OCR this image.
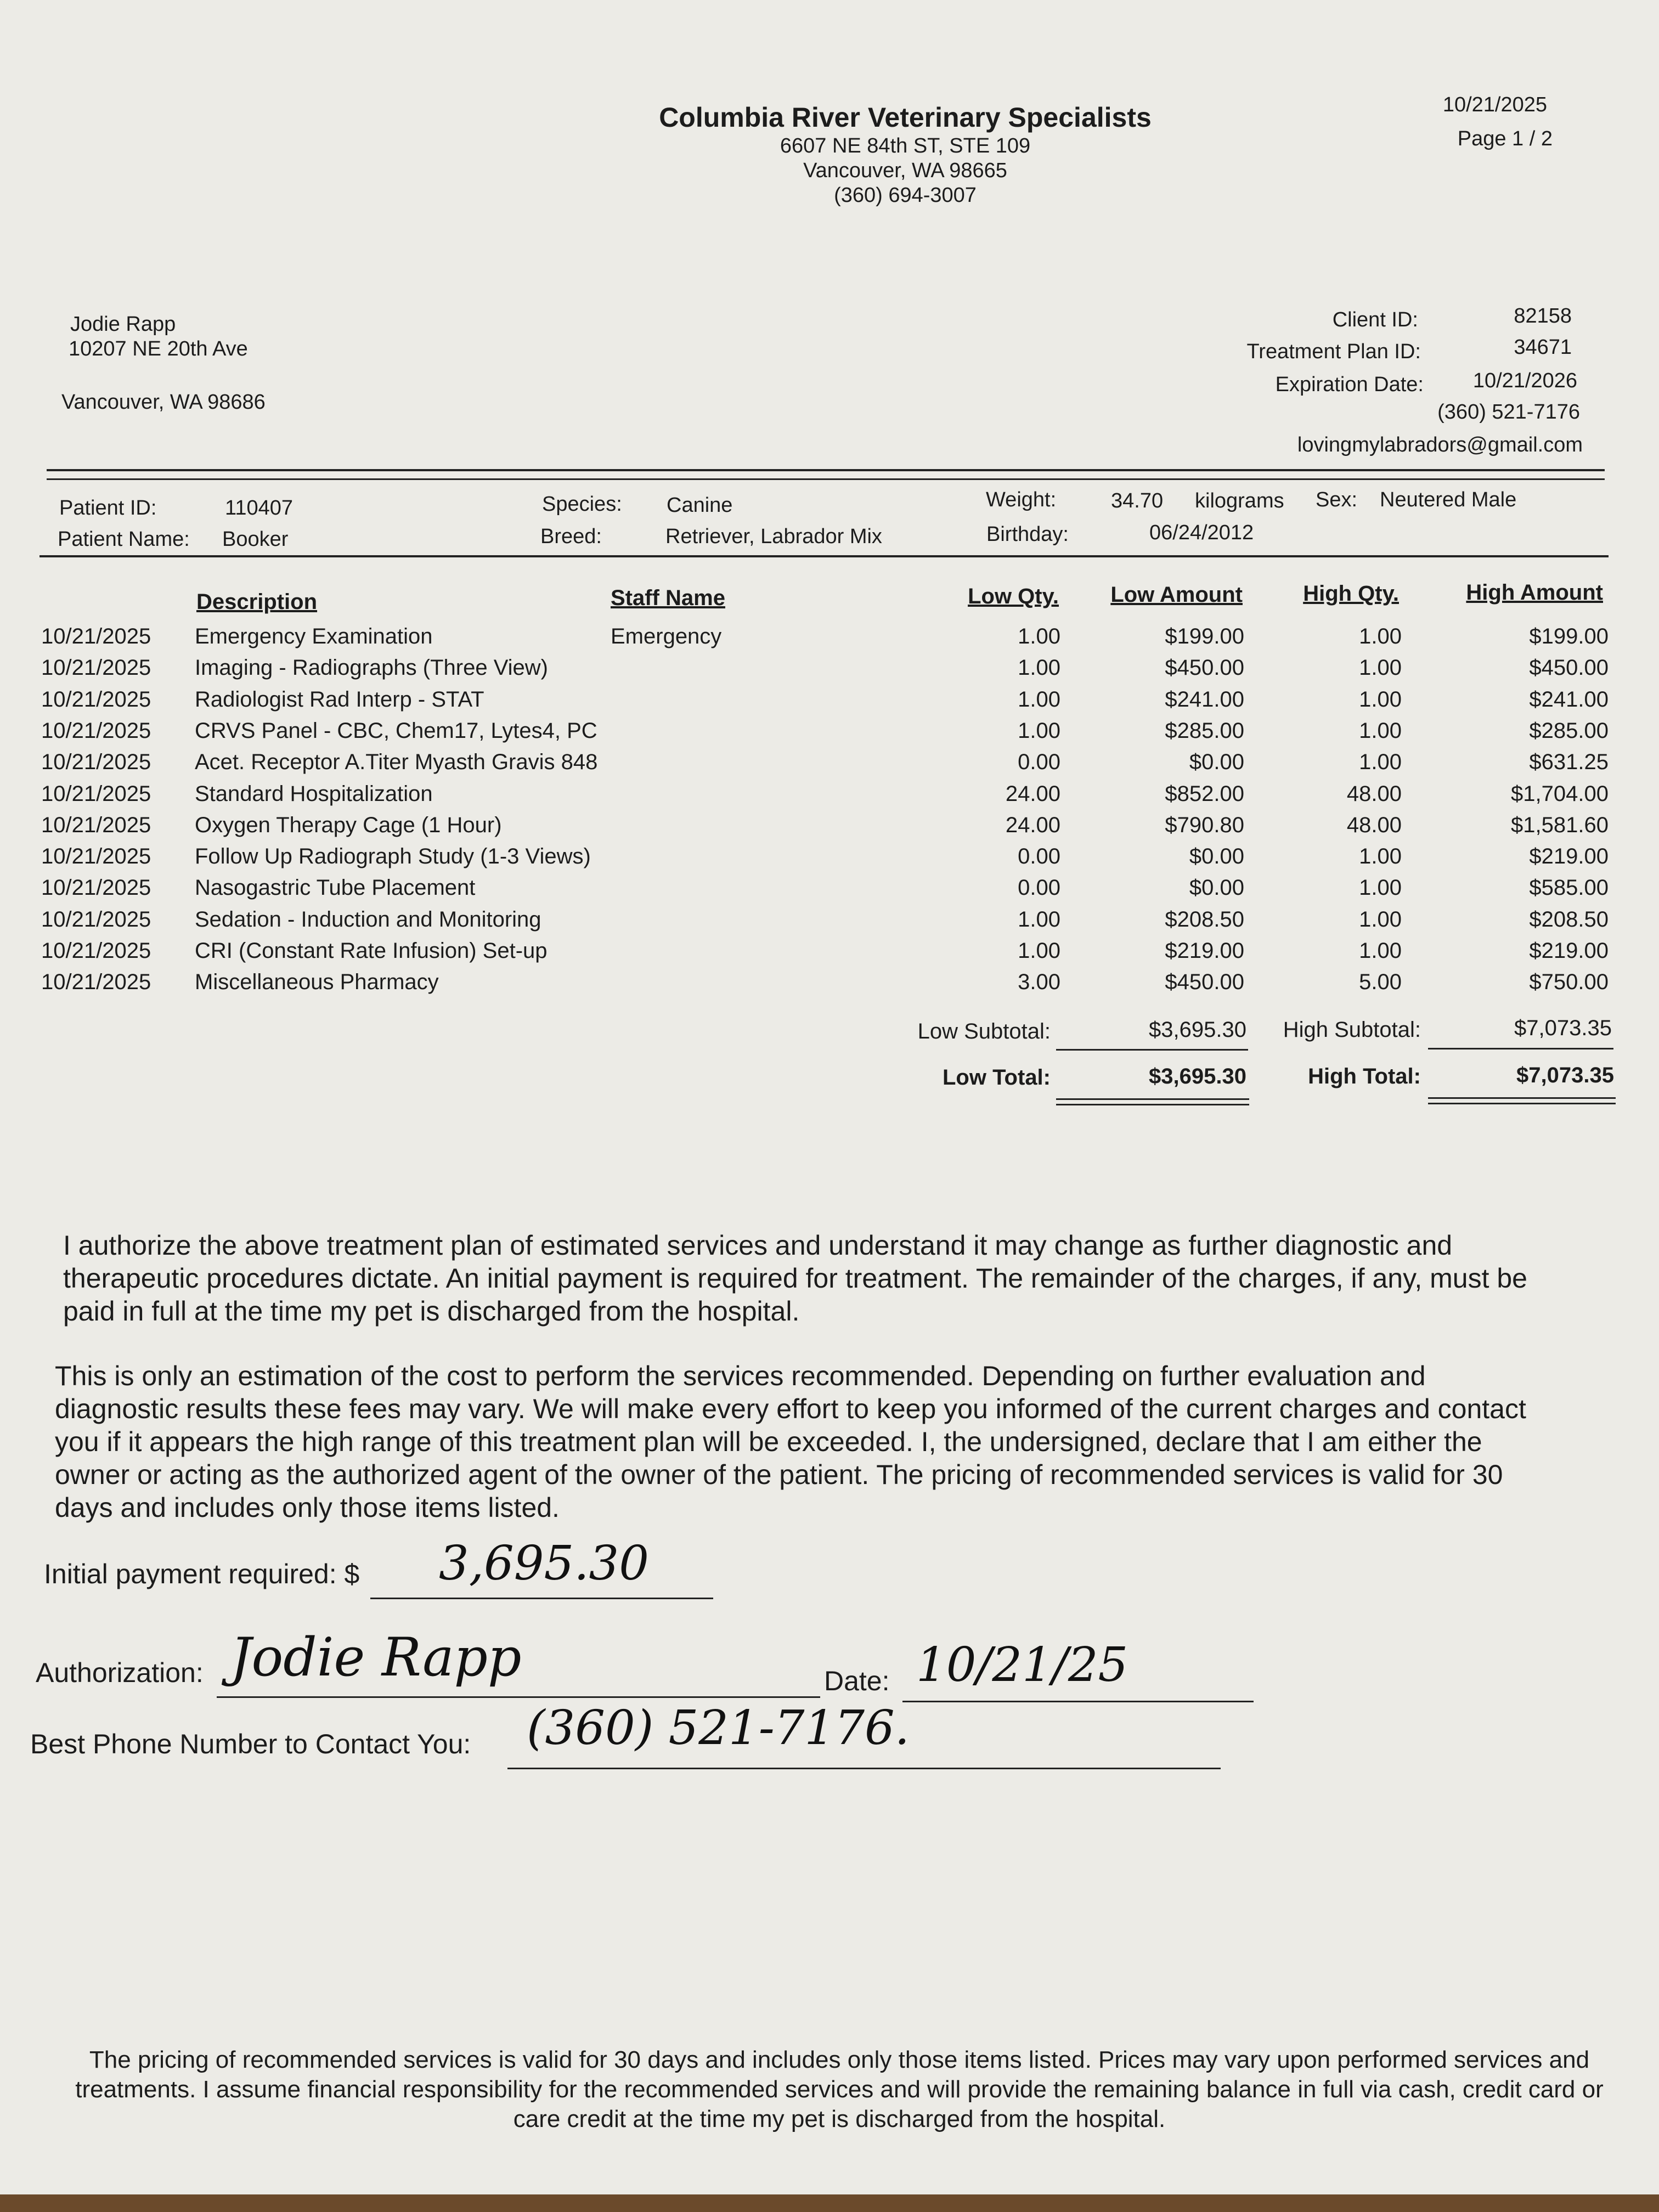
Columbia River Veterinary Specialists
6607 NE 84th ST, STE 109
Vancouver, WA 98665
(360) 694-3007
10/21/2025
Page 1 / 2
Jodie Rapp
10207 NE 20th Ave
Vancouver, WA 98686
Client ID:	82158
Treatment Plan ID:	34671
Expiration Date:	10/21/2026
(360) 521-7176
lovingmylabradors@gmail.com
Patient ID:	110407
Patient Name: Booker
Species: Canine
Breed:	Retriever, Labrador Mix
Weight:	34.70 kilograms Sex: Neutered Male
Birthday:	06/24/2012
Description	Staff Name	Low Qty.	Low Amount	High Qty.	High Amount
10/21/2025	Emergency Examination	Emergency	1.00	$199.00	1.00	$199.00
10/21/2025	Imaging - Radiographs (Three View)	1.00	$450.00	1.00	$450.00
10/21/2025	Radiologist Rad Interp - STAT	1.00	$241.00	1.00	$241.00
10/21/2025	CRVS Panel - CBC, Chem17, Lytes4, PC	1.00	$285.00	1.00	$285.00
10/21/2025	Acet. Receptor A.Titer Myasth Gravis 848	0.00	$0.00	1.00	$631.25
10/21/2025	Standard Hospitalization	24.00	$852.00	48.00	$1,704.00
10/21/2025	Oxygen Therapy Cage (1 Hour)	24.00	$790.80	48.00	$1,581.60
10/21/2025	Follow Up Radiograph Study (1-3 Views)	0.00	$0.00	1.00	$219.00
10/21/2025	Nasogastric Tube Placement	0.00	$0.00	1.00	$585.00
10/21/2025	Sedation - Induction and Monitoring	1.00	$208.50	1.00	$208.50
10/21/2025	CRI (Constant Rate Infusion) Set-up	1.00	$219.00	1.00	$219.00
10/21/2025	Miscellaneous Pharmacy	3.00	$450.00	5.00	$750.00
Low Subtotal:	$3,695.30	High Subtotal:	$7,073.35
Low Total:	$3,695.30	High Total:	$7,073.35
I authorize the above treatment plan of estimated services and understand it may change as further diagnostic and therapeutic procedures dictate. An initial payment is required for treatment. The remainder of the charges, if any, must be paid in full at the time my pet is discharged from the hospital.
This is only an estimation of the cost to perform the services recommended. Depending on further evaluation and diagnostic results these fees may vary. We will make every effort to keep you informed of the current charges and contact you if it appears the high range of this treatment plan will be exceeded. I, the undersigned, declare that I am either the owner or acting as the authorized agent of the owner of the patient. The pricing of recommended services is valid for 30 days and includes only those items listed.
Initial payment required: $ 3,695.30
Authorization: Jodie Rapp	Date: 10/21/25
Best Phone Number to Contact You: (360) 521-7176.
The pricing of recommended services is valid for 30 days and includes only those items listed. Prices may vary upon performed services and treatments. I assume financial responsibility for the recommended services and will provide the remaining balance in full via cash, credit card or care credit at the time my pet is discharged from the hospital.
